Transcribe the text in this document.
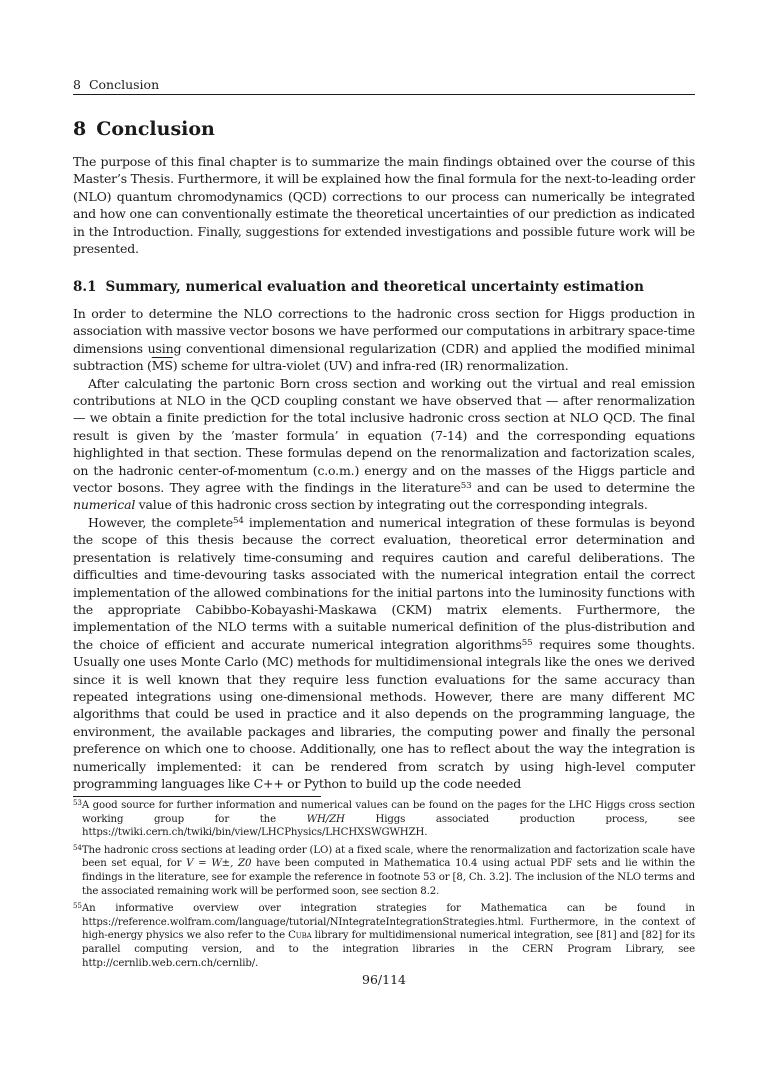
8 Conclusion
8 Conclusion

The purpose of this final chapter is to summarize the main findings obtained over the course of this Master’s Thesis. Furthermore, it will be explained how the final formula for the next-to-leading order (NLO) quantum chromodynamics (QCD) corrections to our process can numerically be integrated and how one can conventionally estimate the theoretical uncertainties of our prediction as indicated in the Introduction. Finally, suggestions for extended investigations and possible future work will be presented.

8.1 Summary, numerical evaluation and theoretical uncertainty estimation

In order to determine the NLO corrections to the hadronic cross section for Higgs production in association with massive vector bosons we have performed our computations in arbitrary space-time dimensions using conventional dimensional regularization (CDR) and applied the modified minimal subtraction $(\overline{MS})$ scheme for ultra-violet (UV) and infra-red (IR) renormalization.

After calculating the partonic Born cross section and working out the virtual and real emission contributions at NLO in the QCD coupling constant we have observed that — after renormalization — we obtain a finite prediction for the total inclusive hadronic cross section at NLO QCD. The final result is given by the ’master formula’ in equation (7-14) and the corresponding equations highlighted in that section. These formulas depend on the renormalization and factorization scales, on the hadronic center-of-momentum (c.o.m.) energy and on the masses of the Higgs particle and vector bosons. They agree with the findings in the literature$^{53}$ and can be used to determine the numerical value of this hadronic cross section by integrating out the corresponding integrals.

However, the complete$^{54}$ implementation and numerical integration of these formulas is beyond the scope of this thesis because the correct evaluation, theoretical error determination and presentation is relatively time-consuming and requires caution and careful deliberations. The difficulties and time-devouring tasks associated with the numerical integration entail the correct implementation of the allowed combinations for the initial partons into the luminosity functions with the appropriate Cabibbo-Kobayashi-Maskawa (CKM) matrix elements. Furthermore, the implementation of the NLO terms with a suitable numerical definition of the plus-distribution and the choice of efficient and accurate numerical integration algorithms$^{55}$ requires some thoughts. Usually one uses Monte Carlo (MC) methods for multidimensional integrals like the ones we derived since it is well known that they require less function evaluations for the same accuracy than repeated integrations using one-dimensional methods. However, there are many different MC algorithms that could be used in practice and it also depends on the programming language, the environment, the available packages and libraries, the computing power and finally the personal preference on which one to choose. Additionally, one has to reflect about the way the integration is numerically implemented: it can be rendered from scratch by using high-level computer programming languages like C++ or Python to build up the code needed

$^{53}$A good source for further information and numerical values can be found on the pages for the LHC Higgs cross section working group for the WH/ZH Higgs associated production process, see https://twiki.cern.ch/twiki/bin/view/LHCPhysics/LHCHXSWGWHZH.

$^{54}$The hadronic cross sections at leading order (LO) at a fixed scale, where the renormalization and factorization scale have been set equal, for V = W±, Z0 have been computed in Mathematica 10.4 using actual PDF sets and lie within the findings in the literature, see for example the reference in footnote 53 or [8, Ch. 3.2]. The inclusion of the NLO terms and the associated remaining work will be performed soon, see section 8.2.

$^{55}$An informative overview over integration strategies for Mathematica can be found in https://reference.wolfram.com/language/tutorial/NIntegrateIntegrationStrategies.html. Furthermore, in the context of high-energy physics we also refer to the Cuba library for multidimensional numerical integration, see [81] and [82] for its parallel computing version, and to the integration libraries in the CERN Program Library, see http://cernlib.web.cern.ch/cernlib/.

96/114
